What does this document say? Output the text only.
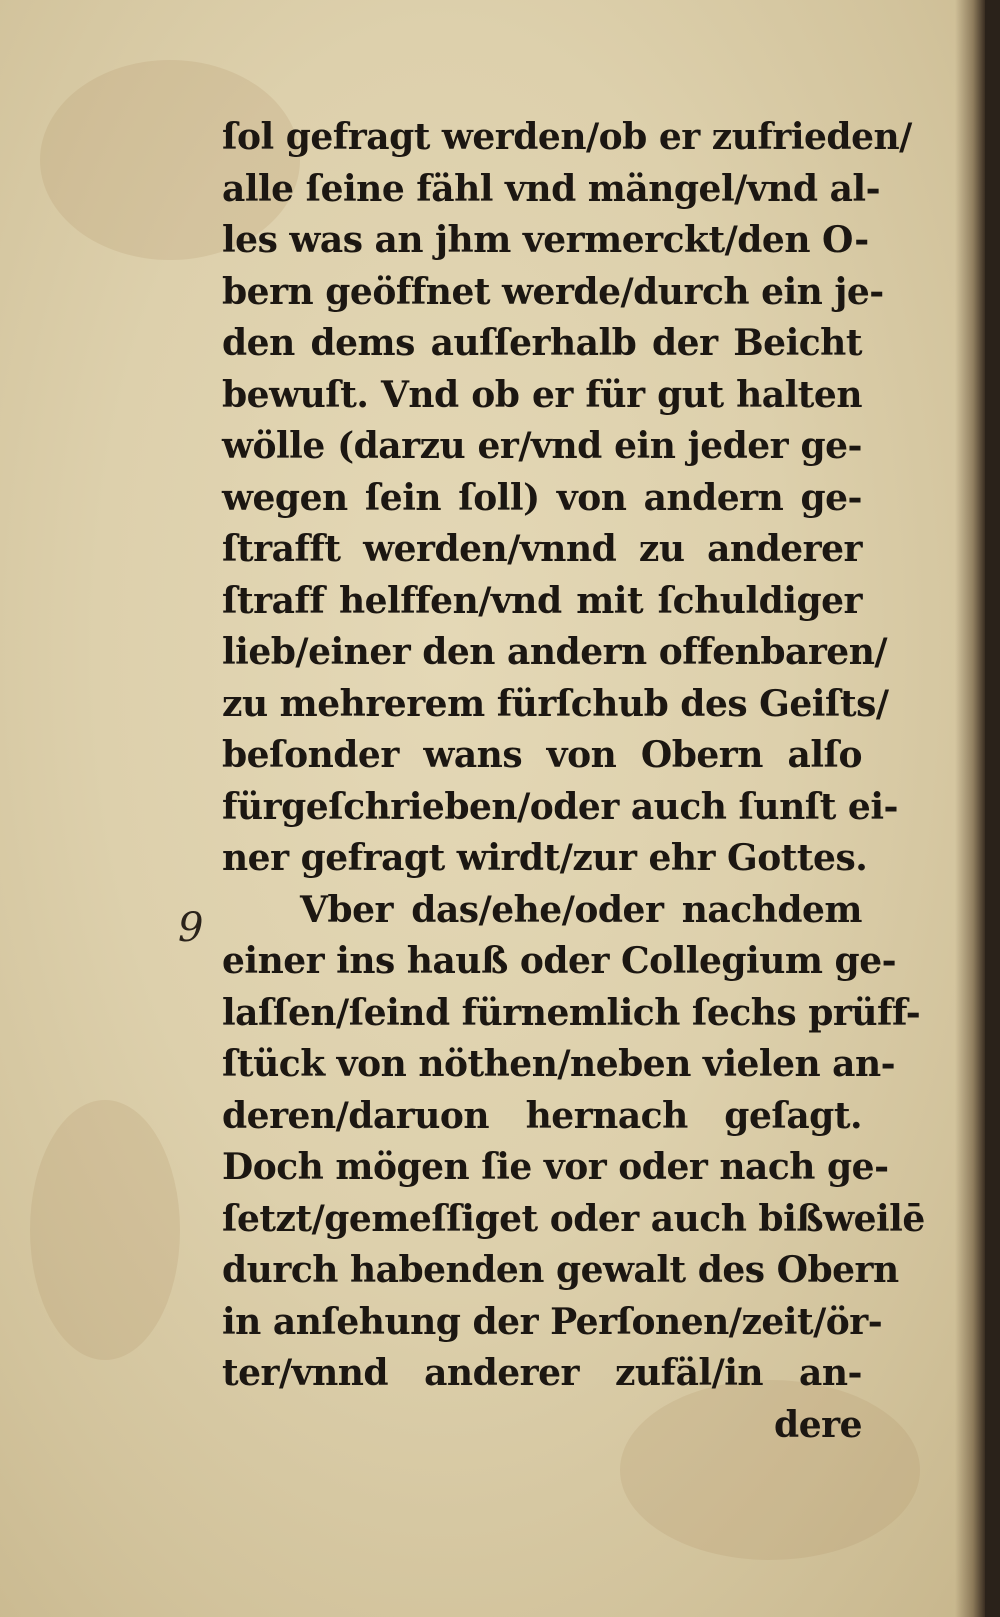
9
ſol gefragt werden/ob er zufrieden/
alle ſeine fähl vnd mängel/vnd al-
les was an jhm vermerckt/den O-
bern geöffnet werde/durch ein je-
den dems auſſerhalb der Beicht
bewuſt. Vnd ob er für gut halten
wölle (darzu er/vnd ein jeder ge-
wegen ſein ſoll) von andern ge-
ſtrafft werden/vnnd zu anderer
ſtraff helffen/vnd mit ſchuldiger
lieb/einer den andern offenbaren/
zu mehrerem fürſchub des Geiſts/
beſonder wans von Obern alſo
fürgeſchrieben/oder auch ſunſt ei-
ner gefragt wirdt/zur ehr Gottes.
Vber das/ehe/oder nachdem
einer ins hauß oder Collegium ge-
laſſen/ſeind fürnemlich ſechs prüff-
ſtück von nöthen/neben vielen an-
deren/daruon hernach geſagt.
Doch mögen ſie vor oder nach ge-
ſetzt/gemeſſiget oder auch bißweilē
durch habenden gewalt des Obern
in anſehung der Perſonen/zeit/ör-
ter/vnnd anderer zufäl/in an-
dere
